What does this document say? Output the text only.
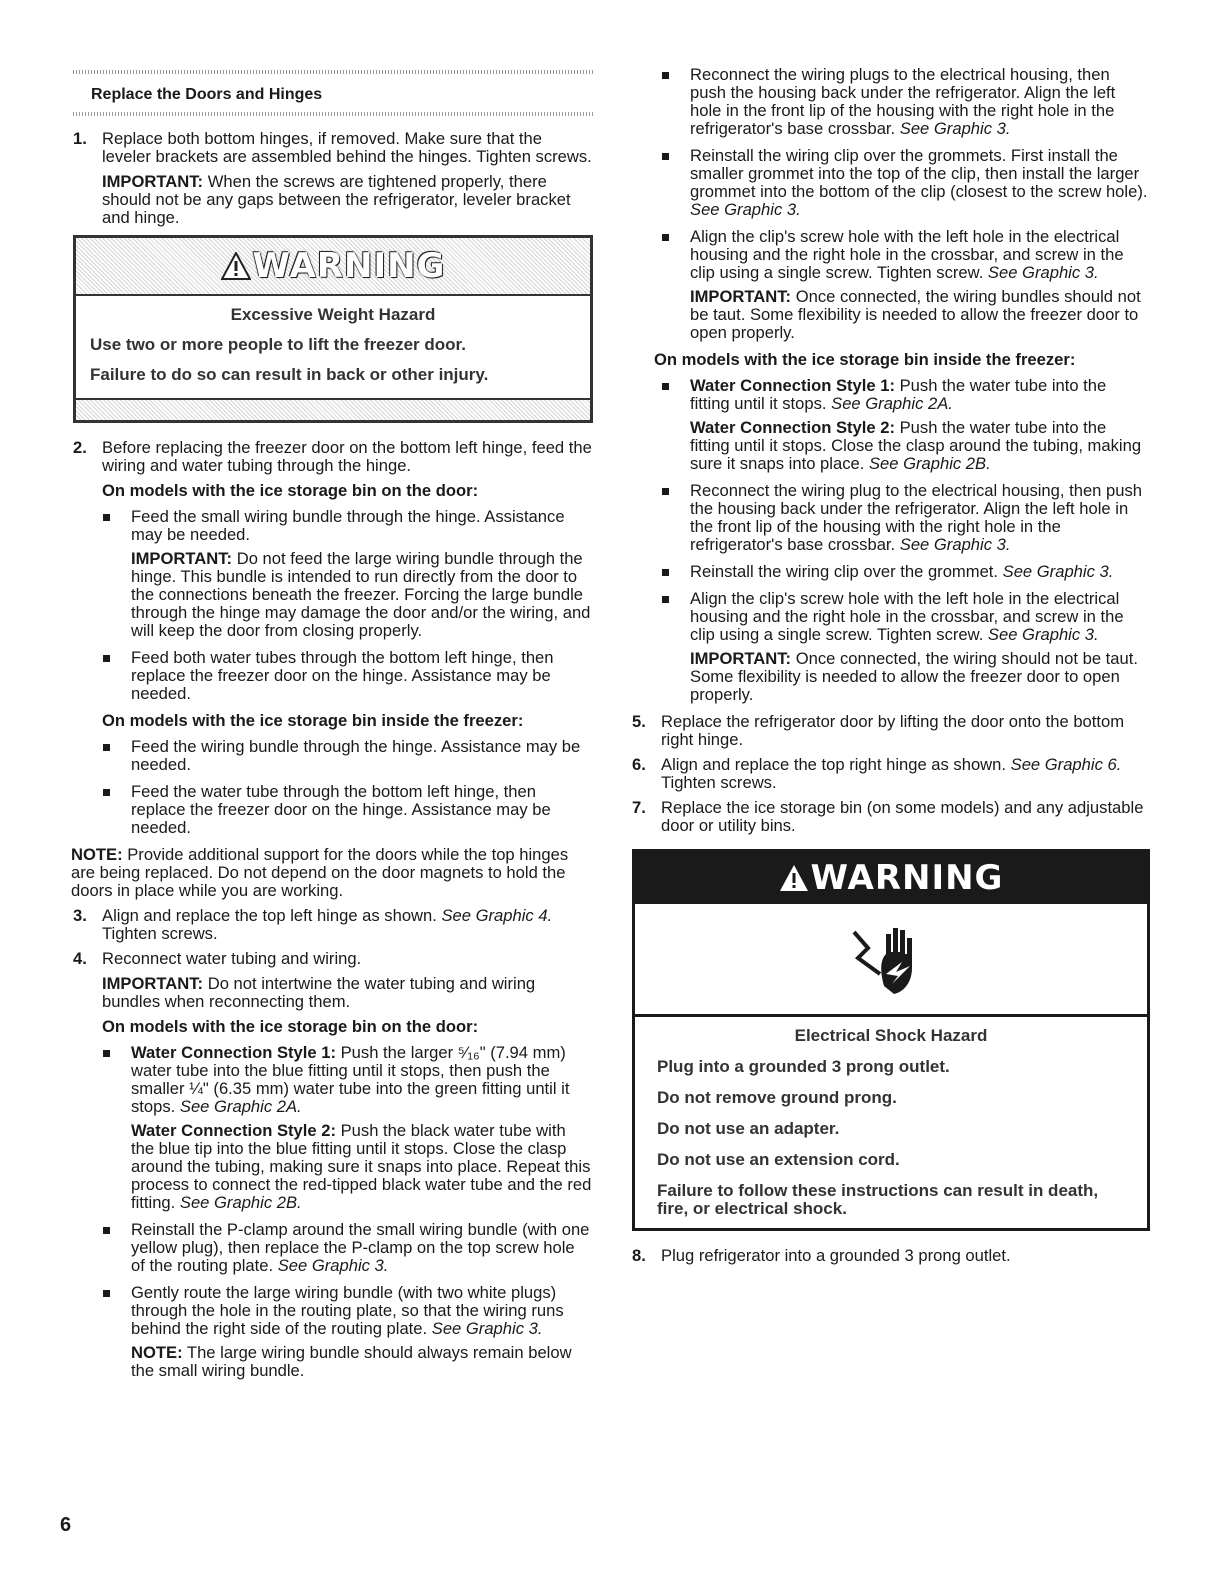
Replace the Doors and Hinges
1. Replace both bottom hinges, if removed. Make sure that the leveler brackets are assembled behind the hinges. Tighten screws.

IMPORTANT: When the screws are tightened properly, there should not be any gaps between the refrigerator, leveler bracket and hinge.

WARNING

Excessive Weight Hazard

Use two or more people to lift the freezer door.

Failure to do so can result in back or other injury.

2. Before replacing the freezer door on the bottom left hinge, feed the wiring and water tubing through the hinge.

On models with the ice storage bin on the door:

Feed the small wiring bundle through the hinge. Assistance may be needed.

IMPORTANT: Do not feed the large wiring bundle through the hinge. This bundle is intended to run directly from the door to the connections beneath the freezer. Forcing the large bundle through the hinge may damage the door and/or the wiring, and will keep the door from closing properly.

Feed both water tubes through the bottom left hinge, then replace the freezer door on the hinge. Assistance may be needed.

On models with the ice storage bin inside the freezer:

Feed the wiring bundle through the hinge. Assistance may be needed.

Feed the water tube through the bottom left hinge, then replace the freezer door on the hinge. Assistance may be needed.

NOTE: Provide additional support for the doors while the top hinges are being replaced. Do not depend on the door magnets to hold the doors in place while you are working.

3. Align and replace the top left hinge as shown. See Graphic 4. Tighten screws.

4. Reconnect water tubing and wiring.

IMPORTANT: Do not intertwine the water tubing and wiring bundles when reconnecting them.

On models with the ice storage bin on the door:

Water Connection Style 1: Push the larger ⁵⁄₁₆" (7.94 mm) water tube into the blue fitting until it stops, then push the smaller ¼" (6.35 mm) water tube into the green fitting until it stops. See Graphic 2A.

Water Connection Style 2: Push the black water tube with the blue tip into the blue fitting until it stops. Close the clasp around the tubing, making sure it snaps into place. Repeat this process to connect the red-tipped black water tube and the red fitting. See Graphic 2B.

Reinstall the P-clamp around the small wiring bundle (with one yellow plug), then replace the P-clamp on the top screw hole of the routing plate. See Graphic 3.

Gently route the large wiring bundle (with two white plugs) through the hole in the routing plate, so that the wiring runs behind the right side of the routing plate. See Graphic 3.

NOTE: The large wiring bundle should always remain below the small wiring bundle.

Reconnect the wiring plugs to the electrical housing, then push the housing back under the refrigerator. Align the left hole in the front lip of the housing with the right hole in the refrigerator's base crossbar. See Graphic 3.

Reinstall the wiring clip over the grommets. First install the smaller grommet into the top of the clip, then install the larger grommet into the bottom of the clip (closest to the screw hole). See Graphic 3.

Align the clip's screw hole with the left hole in the electrical housing and the right hole in the crossbar, and screw in the clip using a single screw. Tighten screw. See Graphic 3.

IMPORTANT: Once connected, the wiring bundles should not be taut. Some flexibility is needed to allow the freezer door to open properly.

On models with the ice storage bin inside the freezer:

Water Connection Style 1: Push the water tube into the fitting until it stops. See Graphic 2A.

Water Connection Style 2: Push the water tube into the fitting until it stops. Close the clasp around the tubing, making sure it snaps into place. See Graphic 2B.

Reconnect the wiring plug to the electrical housing, then push the housing back under the refrigerator. Align the left hole in the front lip of the housing with the right hole in the refrigerator's base crossbar. See Graphic 3.

Reinstall the wiring clip over the grommet. See Graphic 3.

Align the clip's screw hole with the left hole in the electrical housing and the right hole in the crossbar, and screw in the clip using a single screw. Tighten screw. See Graphic 3.

IMPORTANT: Once connected, the wiring should not be taut. Some flexibility is needed to allow the freezer door to open properly.

5. Replace the refrigerator door by lifting the door onto the bottom right hinge.

6. Align and replace the top right hinge as shown. See Graphic 6. Tighten screws.

7. Replace the ice storage bin (on some models) and any adjustable door or utility bins.

WARNING

Electrical Shock Hazard

Plug into a grounded 3 prong outlet.

Do not remove ground prong.

Do not use an adapter.

Do not use an extension cord.

Failure to follow these instructions can result in death, fire, or electrical shock.

8. Plug refrigerator into a grounded 3 prong outlet.

6
